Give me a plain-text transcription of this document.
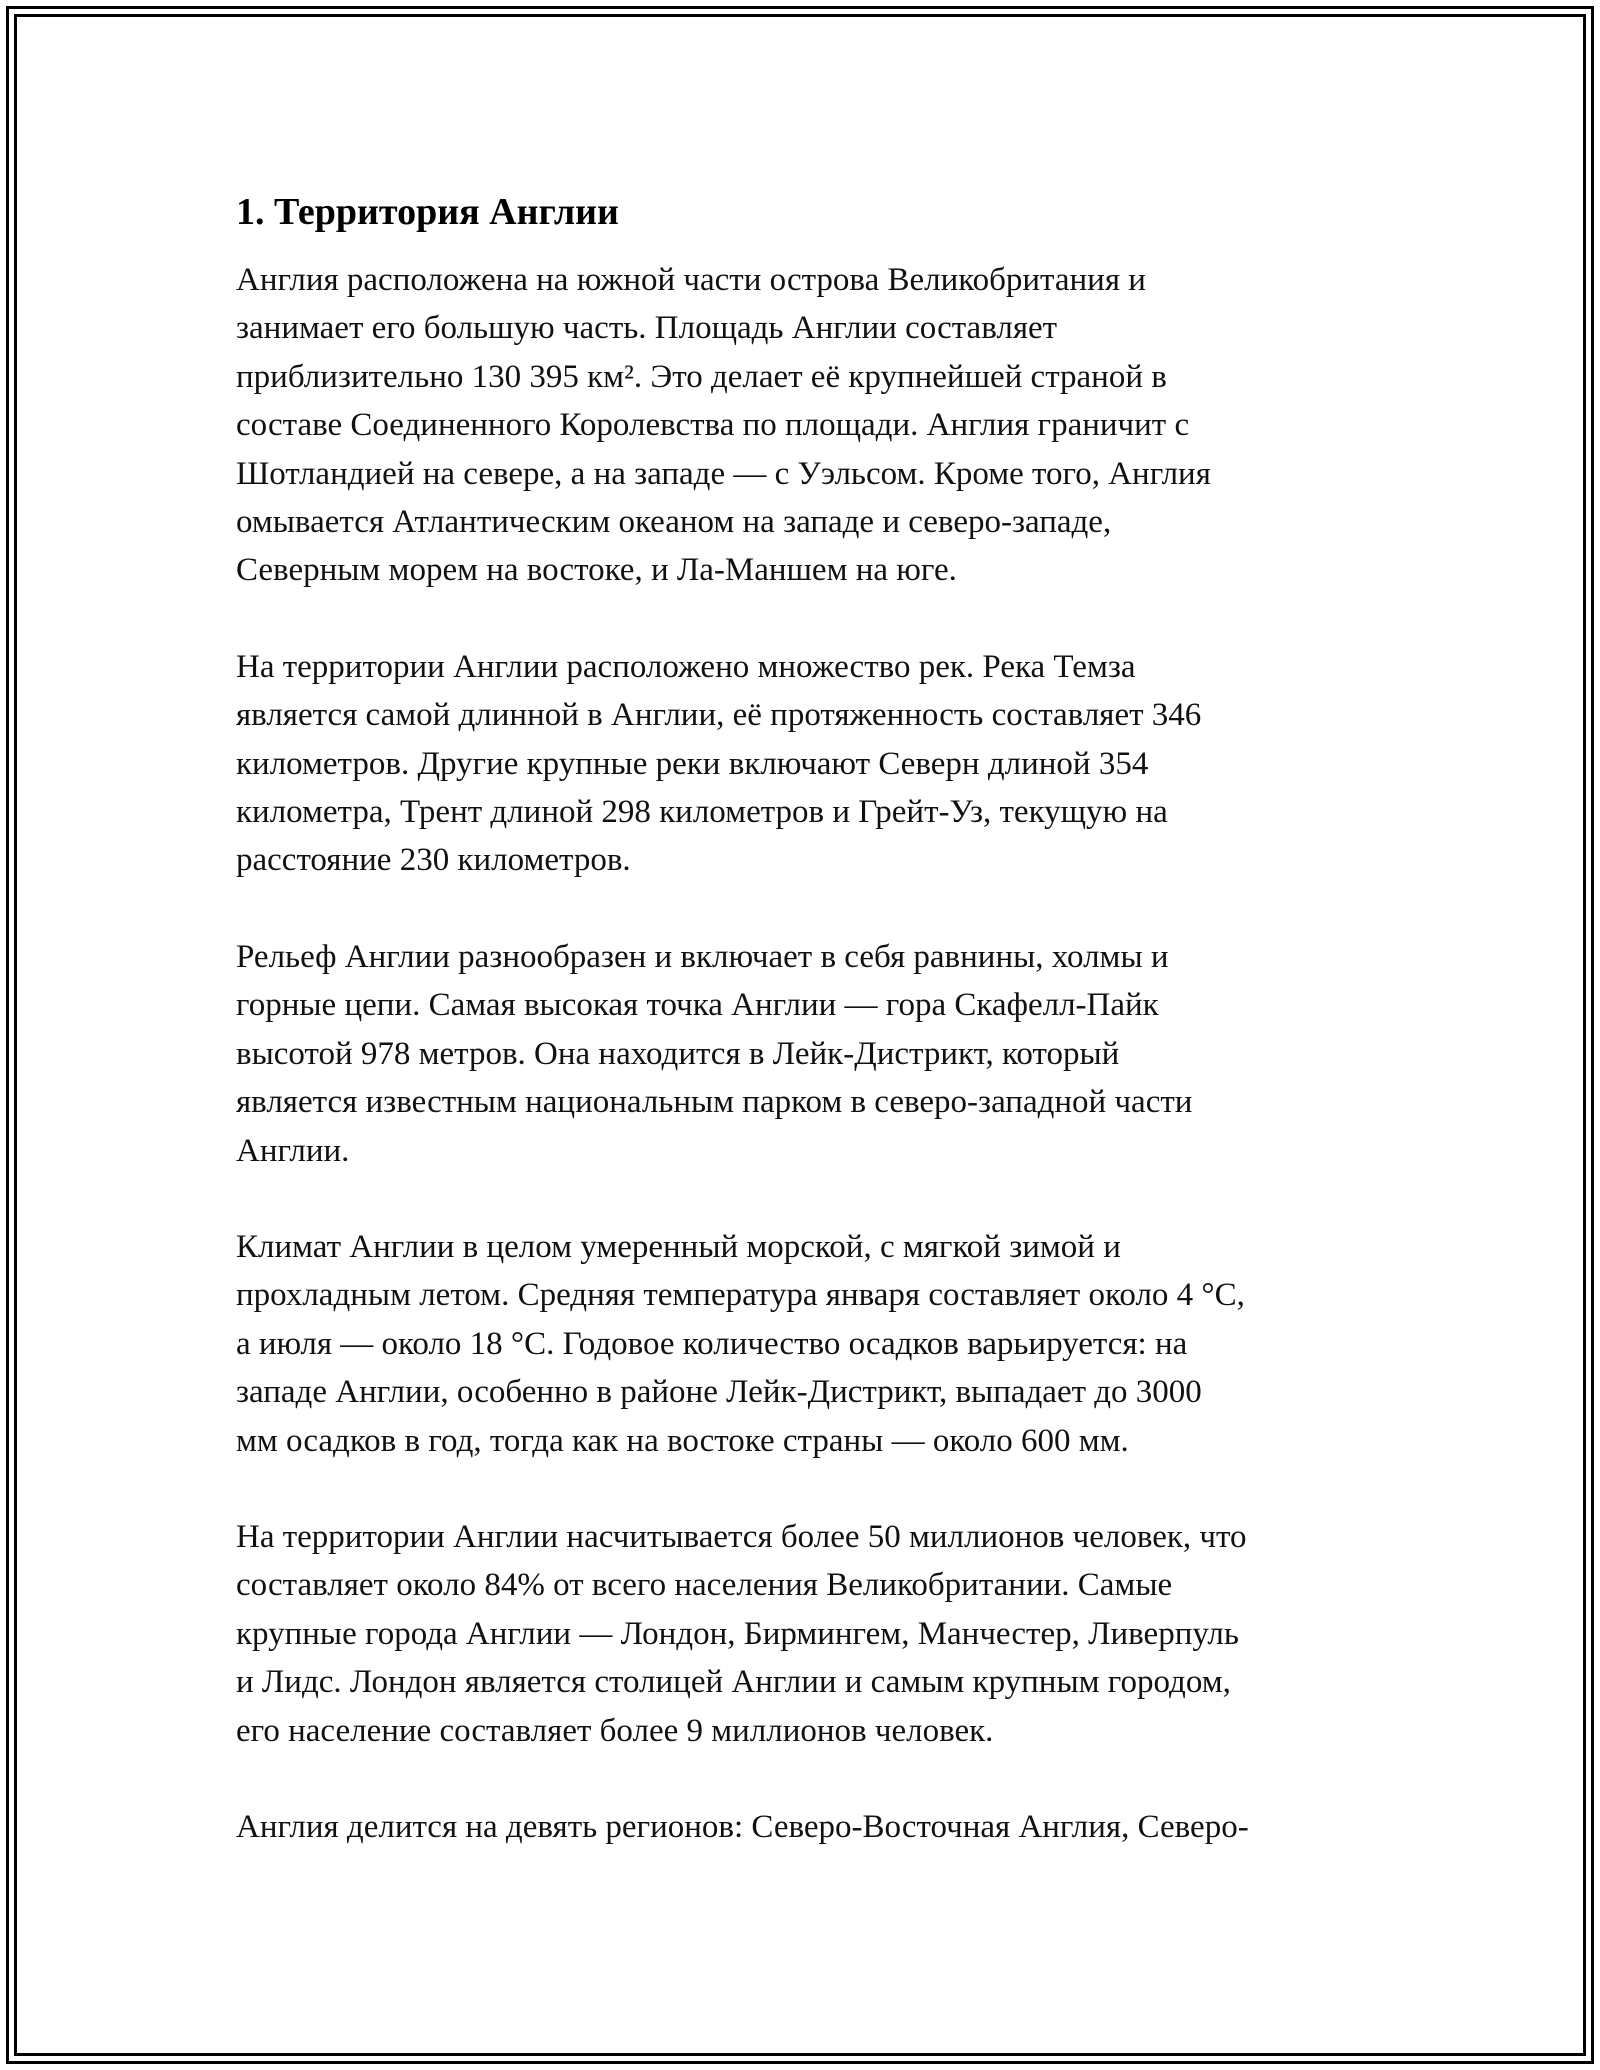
1. Территория Англии
Англия расположена на южной части острова Великобритания и
занимает его большую часть. Площадь Англии составляет
приблизительно 130 395 км². Это делает её крупнейшей страной в
составе Соединенного Королевства по площади. Англия граничит с
Шотландией на севере, а на западе — с Уэльсом. Кроме того, Англия
омывается Атлантическим океаном на западе и северо-западе,
Северным морем на востоке, и Ла-Маншем на юге.
На территории Англии расположено множество рек. Река Темза
является самой длинной в Англии, её протяженность составляет 346
километров. Другие крупные реки включают Северн длиной 354
километра, Трент длиной 298 километров и Грейт-Уз, текущую на
расстояние 230 километров.
Рельеф Англии разнообразен и включает в себя равнины, холмы и
горные цепи. Самая высокая точка Англии — гора Скафелл-Пайк
высотой 978 метров. Она находится в Лейк-Дистрикт, который
является известным национальным парком в северо-западной части
Англии.
Климат Англии в целом умеренный морской, с мягкой зимой и
прохладным летом. Средняя температура января составляет около 4 °C,
а июля — около 18 °C. Годовое количество осадков варьируется: на
западе Англии, особенно в районе Лейк-Дистрикт, выпадает до 3000
мм осадков в год, тогда как на востоке страны — около 600 мм.
На территории Англии насчитывается более 50 миллионов человек, что
составляет около 84% от всего населения Великобритании. Самые
крупные города Англии — Лондон, Бирмингем, Манчестер, Ливерпуль
и Лидс. Лондон является столицей Англии и самым крупным городом,
его население составляет более 9 миллионов человек.
Англия делится на девять регионов: Северо-Восточная Англия, Северо-
